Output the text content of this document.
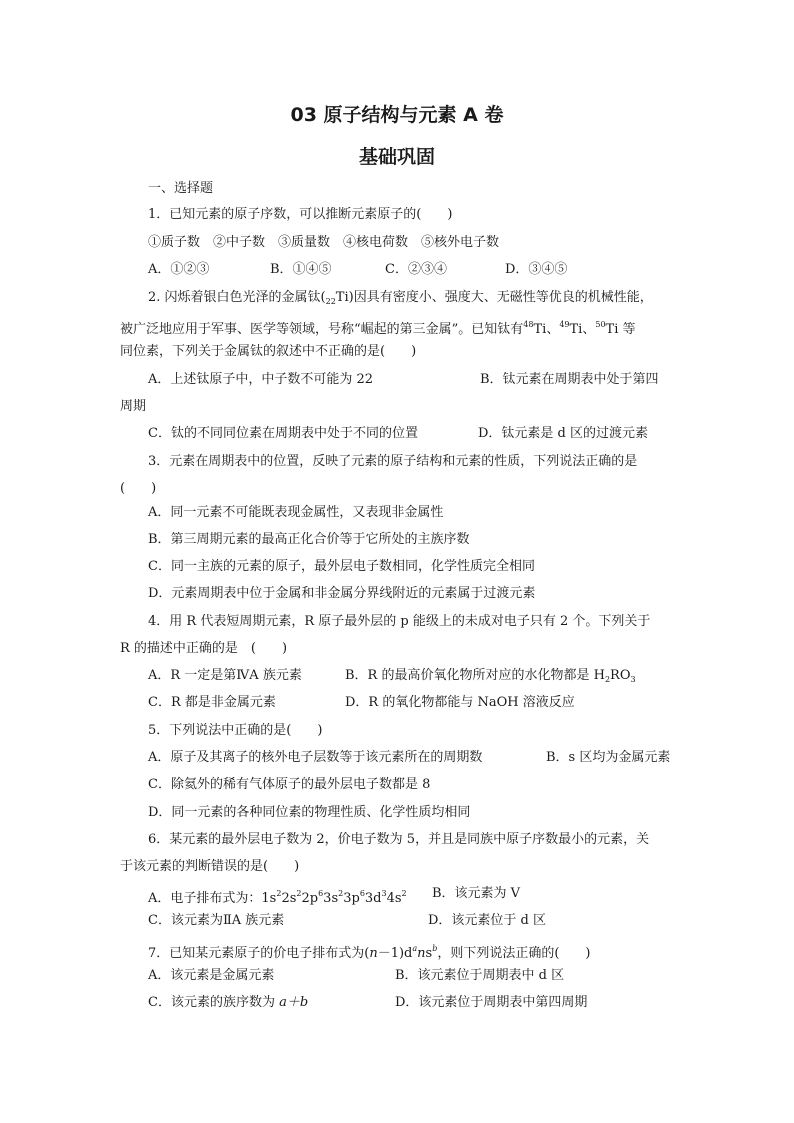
03 原子结构与元素 A 卷
基础巩固
一、选择题
1．已知元素的原子序数，可以推断元素原子的(　　)
①质子数　②中子数　③质量数　④核电荷数　⑤核外电子数
A．①②③	B．①④⑤	C．②③④	D．③④⑤
2. 闪烁着银白色光泽的金属钛$(_{22}Ti)$因具有密度小、强度大、无磁性等优良的机械性能，
被广泛地应用于军事、医学等领域，号称“崛起的第三金属”。已知钛有$^{48}$Ti、$^{49}$Ti、$^{50}$Ti 等
同位素，下列关于金属钛的叙述中不正确的是(　　)
A．上述钛原子中，中子数不可能为 22	B．钛元素在周期表中处于第四
周期
C．钛的不同同位素在周期表中处于不同的位置	D．钛元素是 d 区的过渡元素
3．元素在周期表中的位置，反映了元素的原子结构和元素的性质，下列说法正确的是
(　　)
A．同一元素不可能既表现金属性，又表现非金属性
B．第三周期元素的最高正化合价等于它所处的主族序数
C．同一主族的元素的原子，最外层电子数相同，化学性质完全相同
D．元素周期表中位于金属和非金属分界线附近的元素属于过渡元素
4．用 R 代表短周期元素，R 原子最外层的 p 能级上的未成对电子只有 2 个。下列关于
R 的描述中正确的是　(　　)
A．R 一定是第ⅣA 族元素	B．R 的最高价氧化物所对应的水化物都是 $H_2RO_3$
C．R 都是非金属元素	D．R 的氧化物都能与 NaOH 溶液反应
5．下列说法中正确的是(　　)
A．原子及其离子的核外电子层数等于该元素所在的周期数	B．s 区均为金属元素
C．除氦外的稀有气体原子的最外层电子数都是 8
D．同一元素的各种同位素的物理性质、化学性质均相同
6．某元素的最外层电子数为 2，价电子数为 5，并且是同族中原子序数最小的元素，关
于该元素的判断错误的是(　　)
A．电子排布式为：$1s^22s^22p^63s^23p^63d^34s^2$ B．该元素为 V
C．该元素为ⅡA 族元素	D．该元素位于 d 区
7．已知某元素原子的价电子排布式为$(n-1)d^ans^b$，则下列说法正确的(　　)
A．该元素是金属元素	B．该元素位于周期表中 d 区
C．该元素的族序数为 a＋b	D．该元素位于周期表中第四周期
